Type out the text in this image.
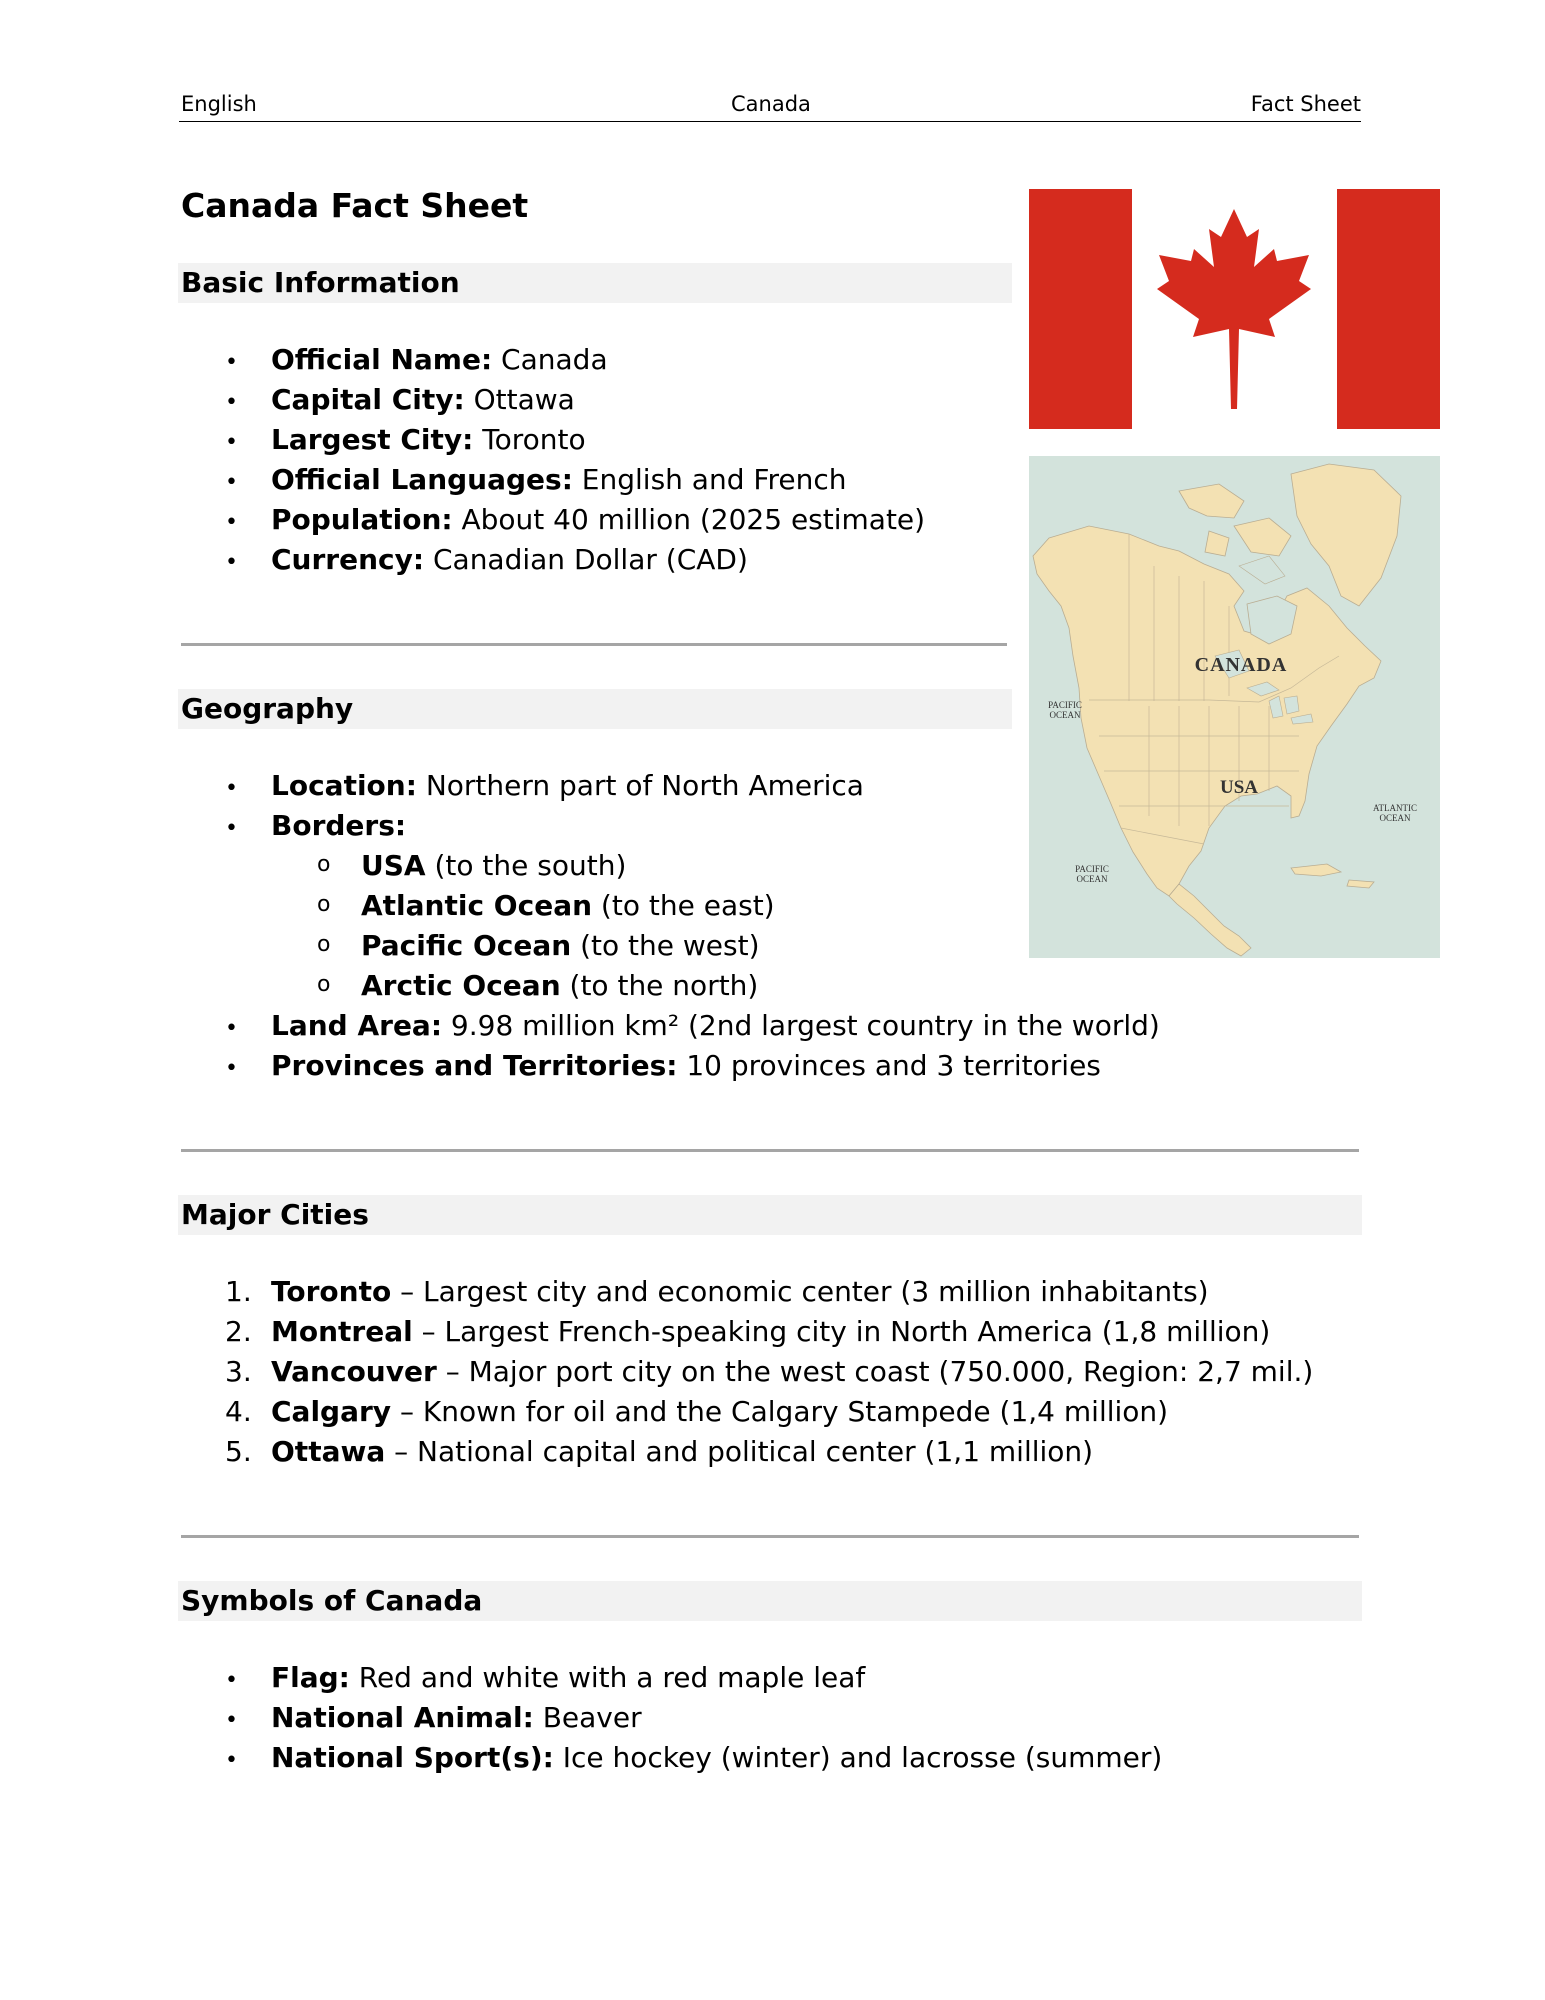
English	Canada	Fact Sheet
Canada Fact Sheet
Basic Information
• Official Name: Canada
• Capital City: Ottawa
• Largest City: Toronto
• Official Languages: English and French
• Population: About 40 million (2025 estimate)
• Currency: Canadian Dollar (CAD)
Geography
• Location: Northern part of North America
• Borders:
o USA (to the south)
o Atlantic Ocean (to the east)
o Pacific Ocean (to the west)
o Arctic Ocean (to the north)
• Land Area: 9.98 million km² (2nd largest country in the world)
• Provinces and Territories: 10 provinces and 3 territories
Major Cities
1. Toronto – Largest city and economic center (3 million inhabitants)
2. Montreal – Largest French-speaking city in North America (1,8 million)
3. Vancouver – Major port city on the west coast (750.000, Region: 2,7 mil.)
4. Calgary – Known for oil and the Calgary Stampede (1,4 million)
5. Ottawa – National capital and political center (1,1 million)
Symbols of Canada
• Flag: Red and white with a red maple leaf
• National Animal: Beaver
• National Sport(s): Ice hockey (winter) and lacrosse (summer)
CANADA
USA
PACIFIC
OCEAN
PACIFIC
OCEAN
ATLANTIC
OCEAN
